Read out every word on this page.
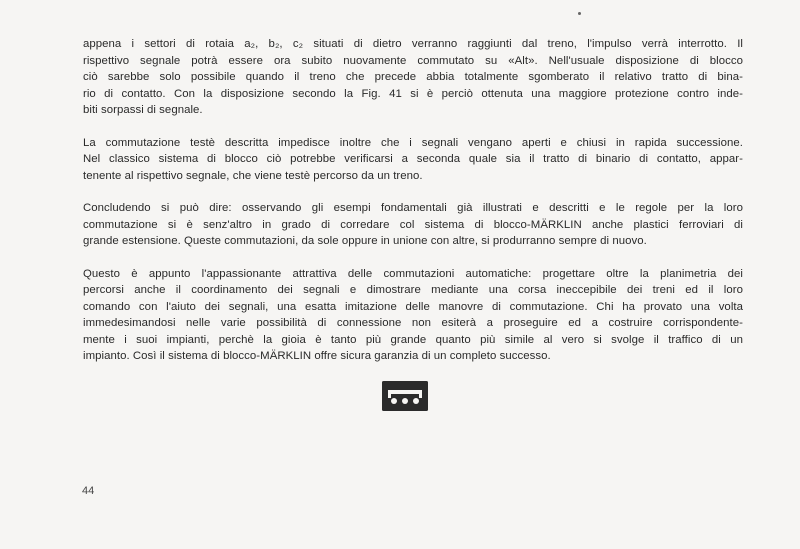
appena i settori di rotaia a₂, b₂, c₂ situati di dietro verranno raggiunti dal treno, l'impulso verrà interrotto. Il
rispettivo segnale potrà essere ora subito nuovamente commutato su «Alt». Nell'usuale disposizione di blocco
ciò sarebbe solo possibile quando il treno che precede abbia totalmente sgomberato il relativo tratto di bina-
rio di contatto. Con la disposizione secondo la Fig. 41 si è perciò ottenuta una maggiore protezione contro inde-
biti sorpassi di segnale.

La commutazione testè descritta impedisce inoltre che i segnali vengano aperti e chiusi in rapida successione.
Nel classico sistema di blocco ciò potrebbe verificarsi a seconda quale sia il tratto di binario di contatto, appar-
tenente al rispettivo segnale, che viene testè percorso da un treno.

Concludendo si può dire: osservando gli esempi fondamentali già illustrati e descritti e le regole per la loro
commutazione si è senz'altro in grado di corredare col sistema di blocco-MÄRKLIN anche plastici ferroviari di
grande estensione. Queste commutazioni, da sole oppure in unione con altre, si produrranno sempre di nuovo.

Questo è appunto l'appassionante attrattiva delle commutazioni automatiche: progettare oltre la planimetria dei
percorsi anche il coordinamento dei segnali e dimostrare mediante una corsa ineccepibile dei treni ed il loro
comando con l'aiuto dei segnali, una esatta imitazione delle manovre di commutazione. Chi ha provato una volta
immedesimandosi nelle varie possibilità di connessione non esiterà a proseguire ed a costruire corrispondente-
mente i suoi impianti, perchè la gioia è tanto più grande quanto più simile al vero si svolge il traffico di un
impianto. Così il sistema di blocco-MÄRKLIN offre sicura garanzia di un completo successo.

44
